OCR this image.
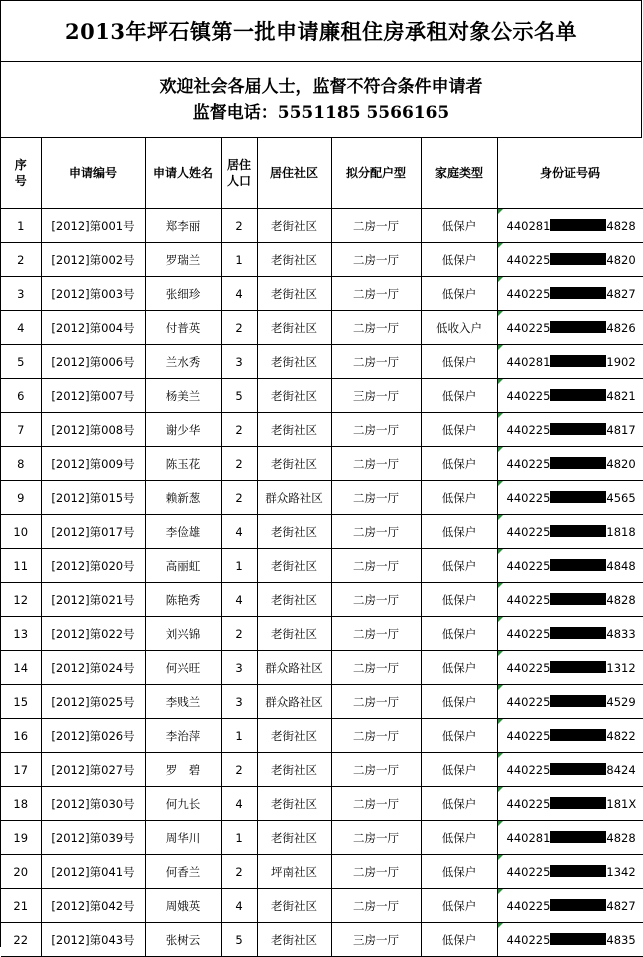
2013年坪石镇第一批申请廉租住房承租对象公示名单
欢迎社会各届人士，监督不符合条件申请者
监督电话：5551185 5566165
序号	申请编号	申请人姓名	居住人口	居住社区	拟分配户型	家庭类型	身份证号码
1	[2012]第001号	郑李丽	2	老街社区	二房一厅	低保户	440281 4828
2	[2012]第002号	罗瑞兰	1	老街社区	二房一厅	低保户	440225 4820
3	[2012]第003号	张细珍	4	老街社区	二房一厅	低保户	440225 4827
4	[2012]第004号	付普英	2	老街社区	二房一厅	低收入户	440225 4826
5	[2012]第006号	兰水秀	3	老街社区	二房一厅	低保户	440281 1902
6	[2012]第007号	杨美兰	5	老街社区	三房一厅	低保户	440225 4821
7	[2012]第008号	谢少华	2	老街社区	二房一厅	低保户	440225 4817
8	[2012]第009号	陈玉花	2	老街社区	二房一厅	低保户	440225 4820
9	[2012]第015号	赖新葱	2	群众路社区	二房一厅	低保户	440225 4565
10	[2012]第017号	李俭雄	4	老街社区	二房一厅	低保户	440225 1818
11	[2012]第020号	高丽虹	1	老街社区	二房一厅	低保户	440225 4848
12	[2012]第021号	陈艳秀	4	老街社区	二房一厅	低保户	440225 4828
13	[2012]第022号	刘兴锦	2	老街社区	二房一厅	低保户	440225 4833
14	[2012]第024号	何兴旺	3	群众路社区	二房一厅	低保户	440225 1312
15	[2012]第025号	李贱兰	3	群众路社区	二房一厅	低保户	440225 4529
16	[2012]第026号	李治萍	1	老街社区	二房一厅	低保户	440225 4822
17	[2012]第027号	罗　碧	2	老街社区	二房一厅	低保户	440225 8424
18	[2012]第030号	何九长	4	老街社区	二房一厅	低保户	440225 181X
19	[2012]第039号	周华川	1	老街社区	二房一厅	低保户	440281 4828
20	[2012]第041号	何香兰	2	坪南社区	二房一厅	低保户	440225 1342
21	[2012]第042号	周娥英	4	老街社区	二房一厅	低保户	440225 4827
22	[2012]第043号	张树云	5	老街社区	三房一厅	低保户	440225 4835
